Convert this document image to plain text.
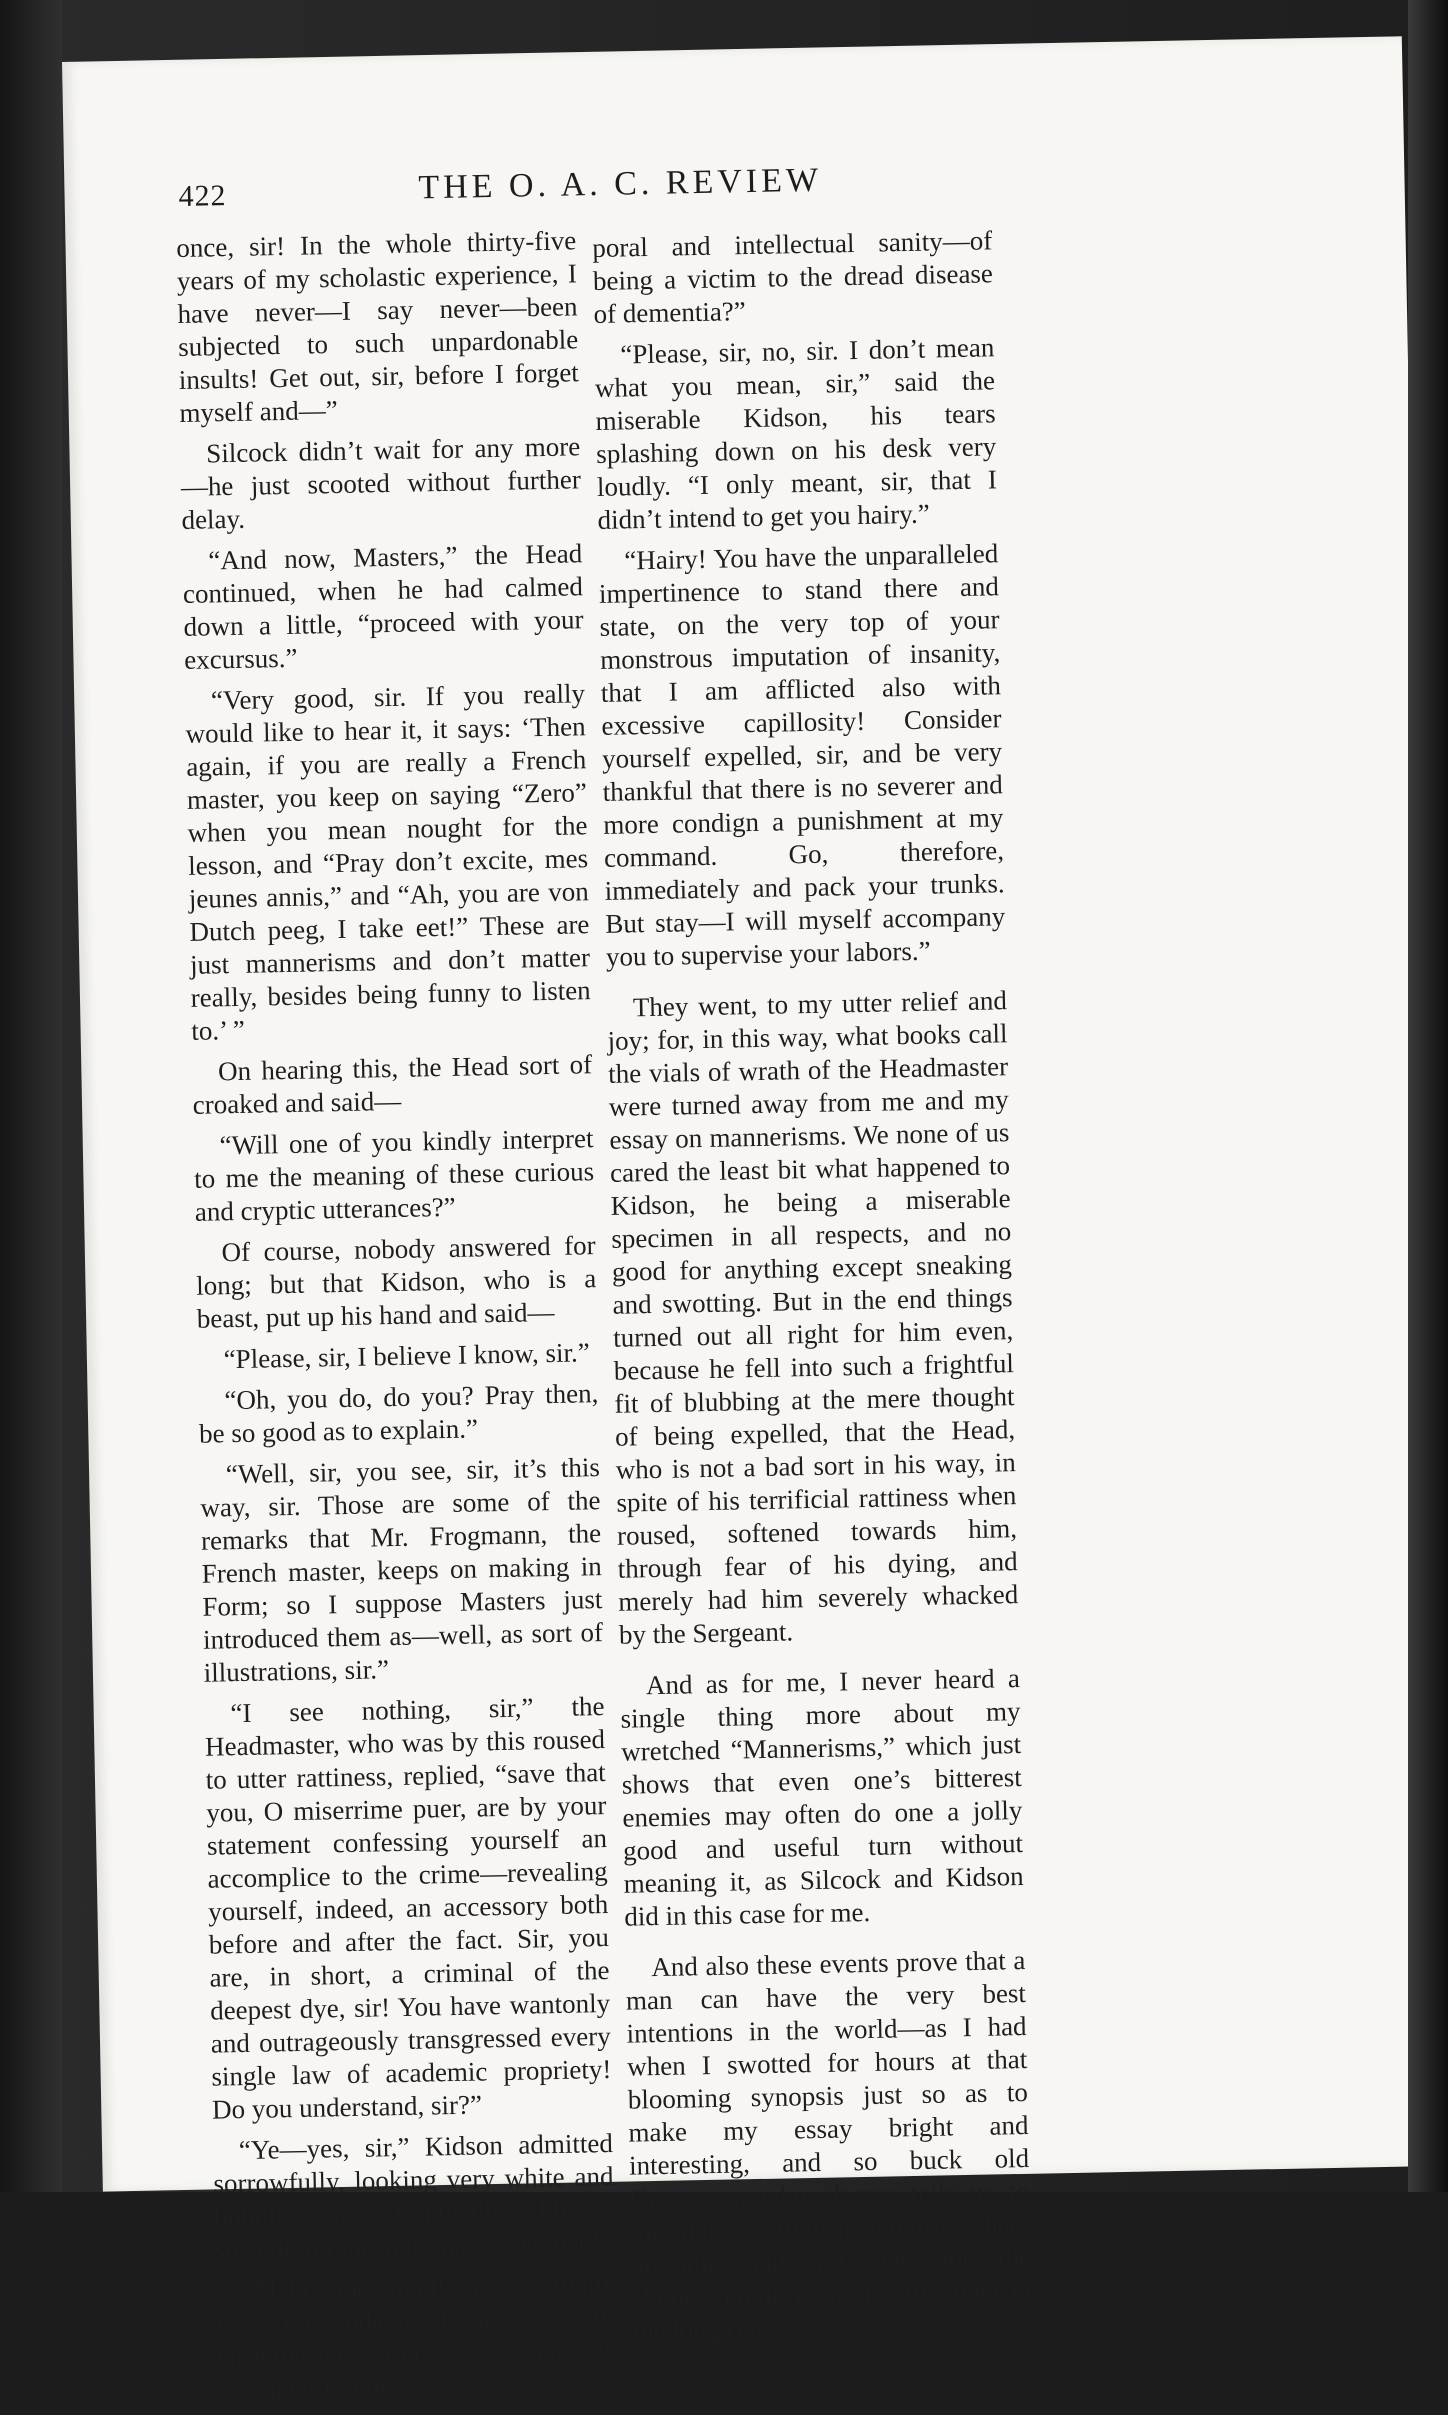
422	THE O. A. C. REVIEW

once, sir! In the whole thirty-five years of my scholastic experience, I have never—I say never—been subjected to such unpardonable insults! Get out, sir, before I forget myself and—”

Silcock didn’t wait for any more—he just scooted without further delay.

“And now, Masters,” the Head continued, when he had calmed down a little, “proceed with your excursus.”

“Very good, sir. If you really would like to hear it, it says: ‘Then again, if you are really a French master, you keep on saying “Zero” when you mean nought for the lesson, and “Pray don’t excite, mes jeunes annis,” and “Ah, you are von Dutch peeg, I take eet!” These are just mannerisms and don’t matter really, besides being funny to listen to.’ ”

On hearing this, the Head sort of croaked and said—

“Will one of you kindly interpret to me the meaning of these curious and cryptic utterances?”

Of course, nobody answered for long; but that Kidson, who is a beast, put up his hand and said—

“Please, sir, I believe I know, sir.”

“Oh, you do, do you? Pray then, be so good as to explain.”

“Well, sir, you see, sir, it’s this way, sir. Those are some of the remarks that Mr. Frogmann, the French master, keeps on making in Form; so I suppose Masters just introduced them as—well, as sort of illustrations, sir.”

“I see nothing, sir,” the Headmaster, who was by this roused to utter rattiness, replied, “save that you, O miserrime puer, are by your statement confessing yourself an accomplice to the crime—revealing yourself, indeed, an accessory both before and after the fact. Sir, you are, in short, a criminal of the deepest dye, sir! You have wantonly and outrageously transgressed every single law of academic propriety! Do you understand, sir?”

“Ye—yes, sir,” Kidson admitted sorrowfully, looking very white and bubbling most frantically. “Please, sir, I didn’t mean to make you mad!”

“Make me mad! You actually have the audacity to accuse your Headmaster—your supreme exemplar of cor-

poral and intellectual sanity—of being a victim to the dread disease of dementia?”

“Please, sir, no, sir. I don’t mean what you mean, sir,” said the miserable Kidson, his tears splashing down on his desk very loudly. “I only meant, sir, that I didn’t intend to get you hairy.”

“Hairy! You have the unparalleled impertinence to stand there and state, on the very top of your monstrous imputation of insanity, that I am afflicted also with excessive capillosity! Consider yourself expelled, sir, and be very thankful that there is no severer and more condign a punishment at my command. Go, therefore, immediately and pack your trunks. But stay—I will myself accompany you to supervise your labors.”

They went, to my utter relief and joy; for, in this way, what books call the vials of wrath of the Headmaster were turned away from me and my essay on mannerisms. We none of us cared the least bit what happened to Kidson, he being a miserable specimen in all respects, and no good for anything except sneaking and swotting. But in the end things turned out all right for him even, because he fell into such a frightful fit of blubbing at the mere thought of being expelled, that the Head, who is not a bad sort in his way, in spite of his terrificial rattiness when roused, softened towards him, through fear of his dying, and merely had him severely whacked by the Sergeant.

And as for me, I never heard a single thing more about my wretched “Mannerisms,” which just shows that even one’s bitterest enemies may often do one a jolly good and useful turn without meaning it, as Silcock and Kidson did in this case for me.

And also these events prove that a man can have the very best intentions in the world—as I had when I swotted for hours at that blooming synopsis just so as to make my essay bright and interesting, and so buck old Crosseyes, who always tells us to introduce a topical interest where possible—and yet get not the slighest credit or praise for them in the long run.
